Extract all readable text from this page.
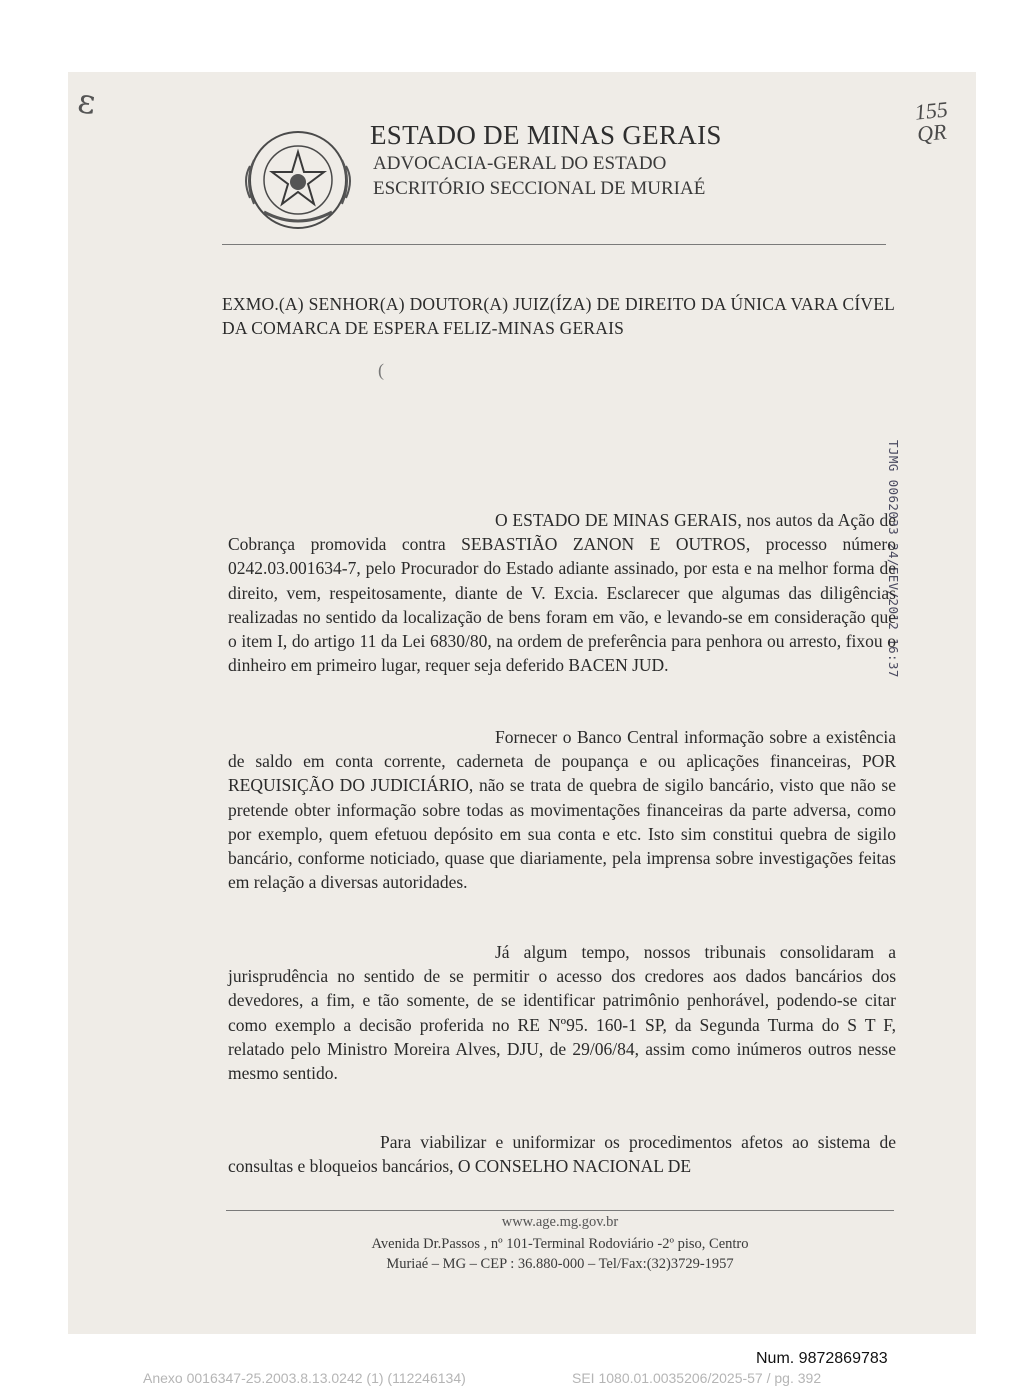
ε	155
QR
ESTADO DE MINAS GERAIS
ADVOCACIA-GERAL DO ESTADO
ESCRITÓRIO SECCIONAL DE MURIAÉ
EXMO.(A) SENHOR(A) DOUTOR(A) JUIZ(ÍZA) DE DIREITO DA ÚNICA VARA CÍVEL DA COMARCA DE ESPERA FELIZ-MINAS GERAIS
(
TJMG 0062033 24/FEV/2012 16:37
O ESTADO DE MINAS GERAIS, nos autos da Ação de Cobrança promovida contra SEBASTIÃO ZANON E OUTROS, processo número 0242.03.001634-7, pelo Procurador do Estado adiante assinado, por esta e na melhor forma de direito, vem, respeitosamente, diante de V. Excia. Esclarecer que algumas das diligências realizadas no sentido da localização de bens foram em vão, e levando-se em consideração que o item I, do artigo 11 da Lei 6830/80, na ordem de preferência para penhora ou arresto, fixou o dinheiro em primeiro lugar, requer seja deferido BACEN JUD.
Fornecer o Banco Central informação sobre a existência de saldo em conta corrente, caderneta de poupança e ou aplicações financeiras, POR REQUISIÇÃO DO JUDICIÁRIO, não se trata de quebra de sigilo bancário, visto que não se pretende obter informação sobre todas as movimentações financeiras da parte adversa, como por exemplo, quem efetuou depósito em sua conta e etc. Isto sim constitui quebra de sigilo bancário, conforme noticiado, quase que diariamente, pela imprensa sobre investigações feitas em relação a diversas autoridades.
Já algum tempo, nossos tribunais consolidaram a jurisprudência no sentido de se permitir o acesso dos credores aos dados bancários dos devedores, a fim, e tão somente, de se identificar patrimônio penhorável, podendo-se citar como exemplo a decisão proferida no RE Nº95. 160-1 SP, da Segunda Turma do S T F, relatado pelo Ministro Moreira Alves, DJU, de 29/06/84, assim como inúmeros outros nesse mesmo sentido.
Para viabilizar e uniformizar os procedimentos afetos ao sistema de consultas e bloqueios bancários, O CONSELHO NACIONAL DE
www.age.mg.gov.br
Avenida Dr.Passos , nº 101-Terminal Rodoviário -2º piso, Centro
Muriaé – MG – CEP : 36.880-000 – Tel/Fax:(32)3729-1957
Num. 9872869783
Anexo 0016347-25.2003.8.13.0242 (1) (112246134)	SEI 1080.01.0035206/2025-57 / pg. 392
